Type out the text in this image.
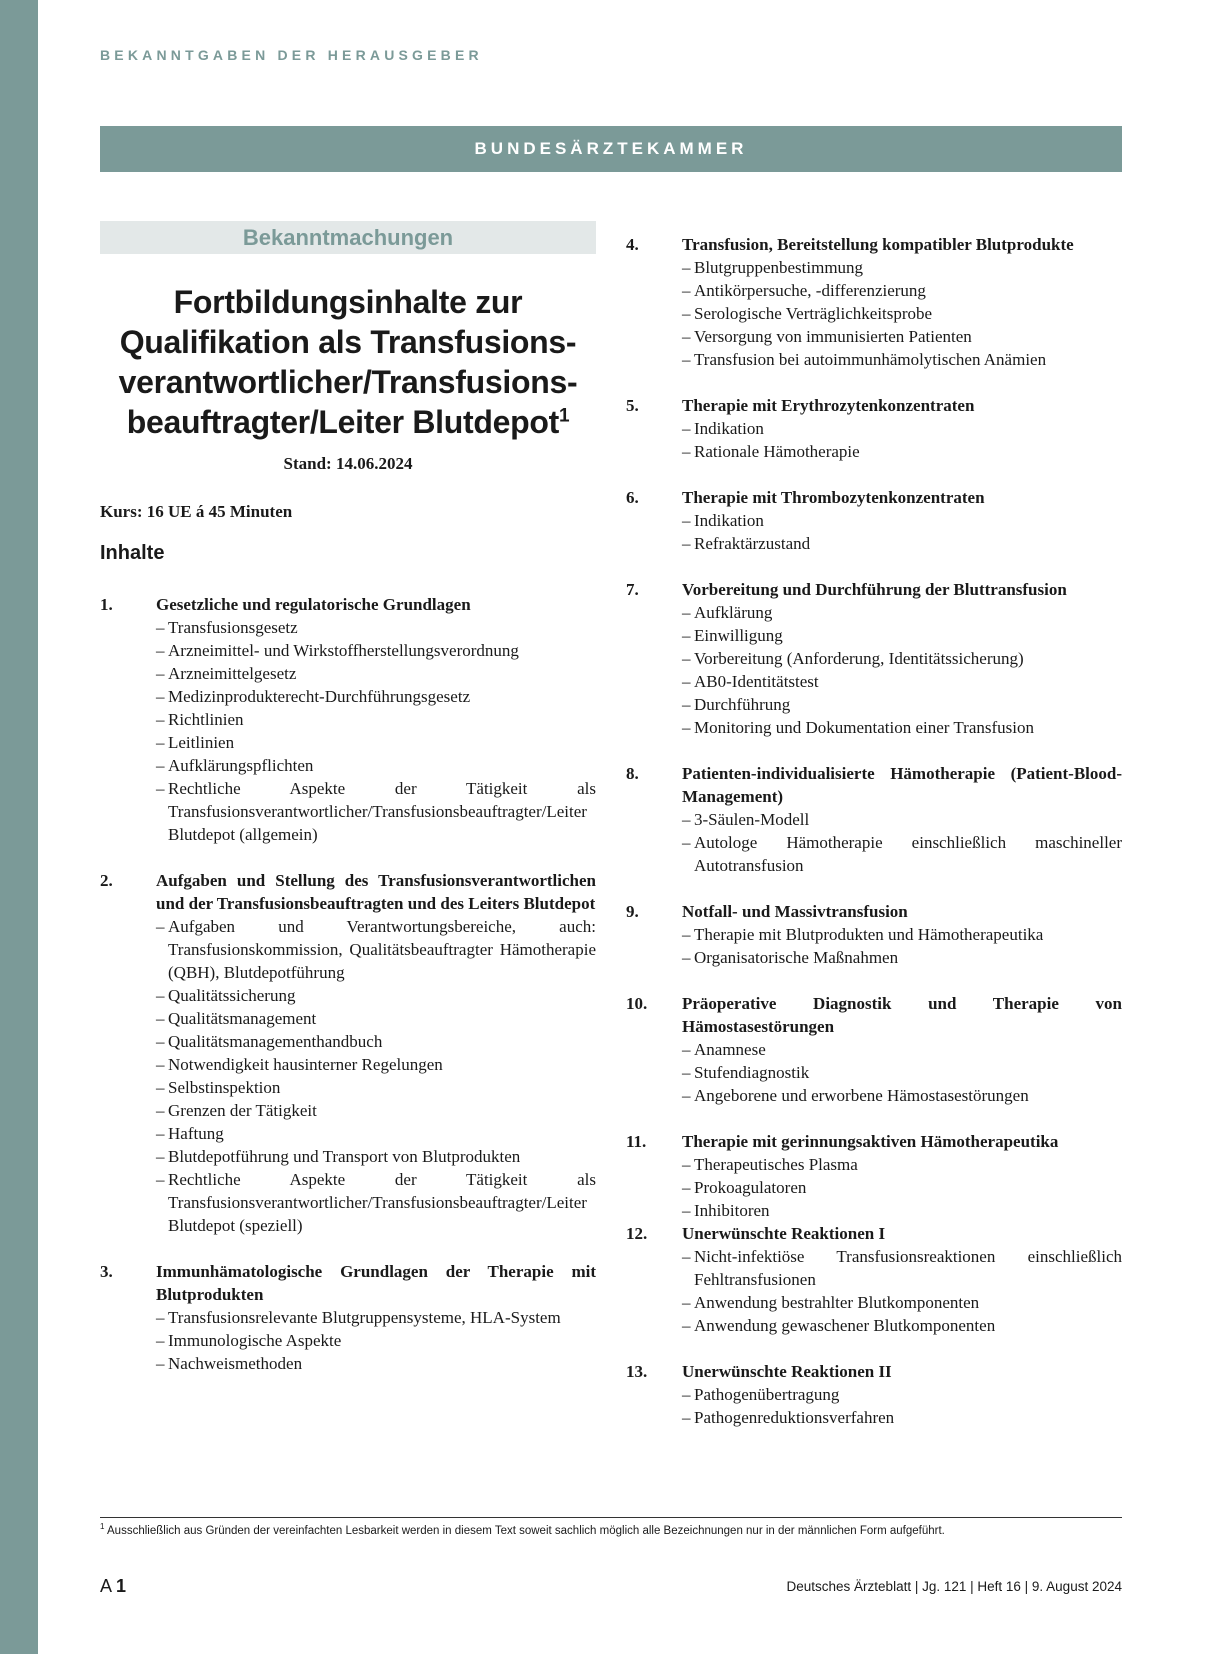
BEKANNTGABEN DER HERAUSGEBER
BUNDESÄRZTEKAMMER
Bekanntmachungen
Fortbildungsinhalte zur
Qualifikation als Transfusions-
verantwortlicher/Transfusions-
beauftragter/Leiter Blutdepot$^1$
Stand: 14.06.2024
Kurs: 16 UE á 45 Minuten
Inhalte
1.	Gesetzliche und regulatorische Grundlagen
– Transfusionsgesetz
– Arzneimittel- und Wirkstoffherstellungsverordnung
– Arzneimittelgesetz
– Medizinprodukterecht-Durchführungsgesetz
– Richtlinien
– Leitlinien
– Aufklärungspflichten
– Rechtliche Aspekte der Tätigkeit als Transfusionsverantwortlicher/Transfusionsbeauftragter/Leiter Blutdepot (allgemein)
2.	Aufgaben und Stellung des Transfusionsverantwortlichen und der Transfusionsbeauftragten und des Leiters Blutdepot
– Aufgaben und Verantwortungsbereiche, auch: Transfusionskommission, Qualitätsbeauftragter Hämotherapie (QBH), Blutdepotführung
– Qualitätssicherung
– Qualitätsmanagement
– Qualitätsmanagementhandbuch
– Notwendigkeit hausinterner Regelungen
– Selbstinspektion
– Grenzen der Tätigkeit
– Haftung
– Blutdepotführung und Transport von Blutprodukten
– Rechtliche Aspekte der Tätigkeit als Transfusionsverantwortlicher/Transfusionsbeauftragter/Leiter Blutdepot (speziell)
3.	Immunhämatologische Grundlagen der Therapie mit Blutprodukten
– Transfusionsrelevante Blutgruppensysteme, HLA-System
– Immunologische Aspekte
– Nachweismethoden
4.	Transfusion, Bereitstellung kompatibler Blutprodukte
– Blutgruppenbestimmung
– Antikörpersuche, -differenzierung
– Serologische Verträglichkeitsprobe
– Versorgung von immunisierten Patienten
– Transfusion bei autoimmunhämolytischen Anämien
5.	Therapie mit Erythrozytenkonzentraten
– Indikation
– Rationale Hämotherapie
6.	Therapie mit Thrombozytenkonzentraten
– Indikation
– Refraktärzustand
7.	Vorbereitung und Durchführung der Bluttransfusion
– Aufklärung
– Einwilligung
– Vorbereitung (Anforderung, Identitätssicherung)
– AB0-Identitätstest
– Durchführung
– Monitoring und Dokumentation einer Transfusion
8.	Patienten-individualisierte Hämotherapie (Patient-Blood-Management)
– 3-Säulen-Modell
– Autologe Hämotherapie einschließlich maschineller Autotransfusion
9.	Notfall- und Massivtransfusion
– Therapie mit Blutprodukten und Hämotherapeutika
– Organisatorische Maßnahmen
10.	Präoperative Diagnostik und Therapie von Hämostasestörungen
– Anamnese
– Stufendiagnostik
– Angeborene und erworbene Hämostasestörungen
11.	Therapie mit gerinnungsaktiven Hämotherapeutika
– Therapeutisches Plasma
– Prokoagulatoren
– Inhibitoren
12.	Unerwünschte Reaktionen I
– Nicht-infektiöse Transfusionsreaktionen einschließlich Fehltransfusionen
– Anwendung bestrahlter Blutkomponenten
– Anwendung gewaschener Blutkomponenten
13.	Unerwünschte Reaktionen II
– Pathogenübertragung
– Pathogenreduktionsverfahren
$^1$ Ausschließlich aus Gründen der vereinfachten Lesbarkeit werden in diesem Text soweit sachlich möglich alle Bezeichnungen nur in der männlichen Form aufgeführt.
A 1	Deutsches Ärzteblatt | Jg. 121 | Heft 16 | 9. August 2024
